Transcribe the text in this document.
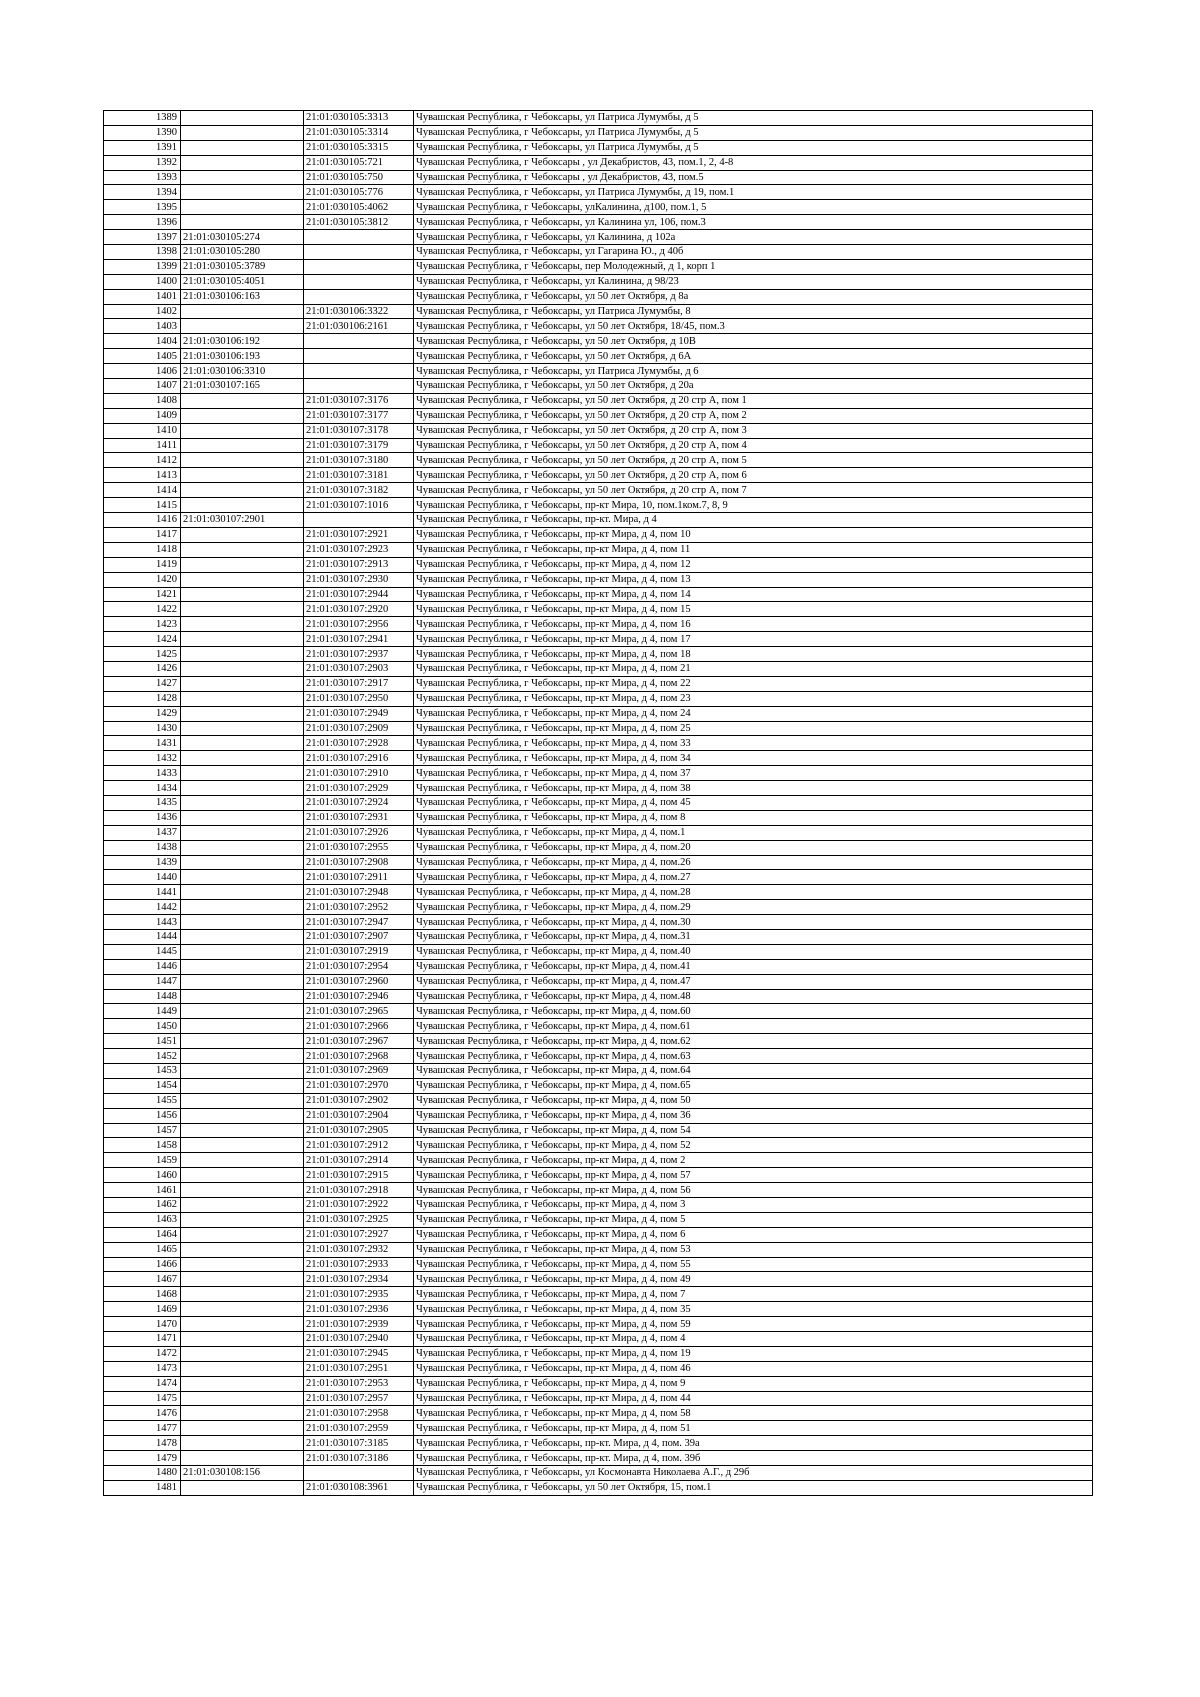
1389		21:01:030105:3313	Чувашская Республика, г Чебоксары, ул Патриса Лумумбы, д 5
1390		21:01:030105:3314	Чувашская Республика, г Чебоксары, ул Патриса Лумумбы, д 5
1391		21:01:030105:3315	Чувашская Республика, г Чебоксары, ул Патриса Лумумбы, д 5
1392		21:01:030105:721	Чувашская Республика, г Чебоксары , ул Декабристов, 43, пом.1, 2, 4-8
1393		21:01:030105:750	Чувашская Республика, г Чебоксары , ул Декабристов, 43, пом.5
1394		21:01:030105:776	Чувашская Республика, г Чебоксары, ул Патриса Лумумбы, д 19, пом.1
1395		21:01:030105:4062	Чувашская Республика, г Чебоксары, улКалинина, д100, пом.1, 5
1396		21:01:030105:3812	Чувашская Республика, г Чебоксары, ул Калинина ул, 106, пом.3
1397	21:01:030105:274		Чувашская Республика, г Чебоксары, ул Калинина, д 102а
1398	21:01:030105:280		Чувашская Республика, г Чебоксары, ул Гагарина Ю., д 40б
1399	21:01:030105:3789		Чувашская Республика, г Чебоксары, пер Молодежный, д 1, корп 1
1400	21:01:030105:4051		Чувашская Республика, г Чебоксары, ул Калинина, д 98/23
1401	21:01:030106:163		Чувашская Республика, г Чебоксары, ул 50 лет Октября, д 8а
1402		21:01:030106:3322	Чувашская Республика, г Чебоксары, ул Патриса Лумумбы, 8
1403		21:01:030106:2161	Чувашская Республика, г Чебоксары, ул 50 лет Октября, 18/45, пом.3
1404	21:01:030106:192		Чувашская Республика, г Чебоксары, ул 50 лет Октября, д 10В
1405	21:01:030106:193		Чувашская Республика, г Чебоксары, ул 50 лет Октября, д 6А
1406	21:01:030106:3310		Чувашская Республика, г Чебоксары, ул Патриса Лумумбы, д 6
1407	21:01:030107:165		Чувашская Республика, г Чебоксары, ул 50 лет Октября, д 20а
1408		21:01:030107:3176	Чувашская Республика, г Чебоксары, ул 50 лет Октября, д 20 стр А, пом 1
1409		21:01:030107:3177	Чувашская Республика, г Чебоксары, ул 50 лет Октября, д 20 стр А, пом 2
1410		21:01:030107:3178	Чувашская Республика, г Чебоксары, ул 50 лет Октября, д 20 стр А, пом 3
1411		21:01:030107:3179	Чувашская Республика, г Чебоксары, ул 50 лет Октября, д 20 стр А, пом 4
1412		21:01:030107:3180	Чувашская Республика, г Чебоксары, ул 50 лет Октября, д 20 стр А, пом 5
1413		21:01:030107:3181	Чувашская Республика, г Чебоксары, ул 50 лет Октября, д 20 стр А, пом 6
1414		21:01:030107:3182	Чувашская Республика, г Чебоксары, ул 50 лет Октября, д 20 стр А, пом 7
1415		21:01:030107:1016	Чувашская Республика, г Чебоксары, пр-кт Мира, 10, пом.1ком.7, 8, 9
1416	21:01:030107:2901		Чувашская Республика, г Чебоксары, пр-кт. Мира, д 4
1417		21:01:030107:2921	Чувашская Республика, г Чебоксары, пр-кт Мира, д 4, пом 10
1418		21:01:030107:2923	Чувашская Республика, г Чебоксары, пр-кт Мира, д 4, пом 11
1419		21:01:030107:2913	Чувашская Республика, г Чебоксары, пр-кт Мира, д 4, пом 12
1420		21:01:030107:2930	Чувашская Республика, г Чебоксары, пр-кт Мира, д 4, пом 13
1421		21:01:030107:2944	Чувашская Республика, г Чебоксары, пр-кт Мира, д 4, пом 14
1422		21:01:030107:2920	Чувашская Республика, г Чебоксары, пр-кт Мира, д 4, пом 15
1423		21:01:030107:2956	Чувашская Республика, г Чебоксары, пр-кт Мира, д 4, пом 16
1424		21:01:030107:2941	Чувашская Республика, г Чебоксары, пр-кт Мира, д 4, пом 17
1425		21:01:030107:2937	Чувашская Республика, г Чебоксары, пр-кт Мира, д 4, пом 18
1426		21:01:030107:2903	Чувашская Республика, г Чебоксары, пр-кт Мира, д 4, пом 21
1427		21:01:030107:2917	Чувашская Республика, г Чебоксары, пр-кт Мира, д 4, пом 22
1428		21:01:030107:2950	Чувашская Республика, г Чебоксары, пр-кт Мира, д 4, пом 23
1429		21:01:030107:2949	Чувашская Республика, г Чебоксары, пр-кт Мира, д 4, пом 24
1430		21:01:030107:2909	Чувашская Республика, г Чебоксары, пр-кт Мира, д 4, пом 25
1431		21:01:030107:2928	Чувашская Республика, г Чебоксары, пр-кт Мира, д 4, пом 33
1432		21:01:030107:2916	Чувашская Республика, г Чебоксары, пр-кт Мира, д 4, пом 34
1433		21:01:030107:2910	Чувашская Республика, г Чебоксары, пр-кт Мира, д 4, пом 37
1434		21:01:030107:2929	Чувашская Республика, г Чебоксары, пр-кт Мира, д 4, пом 38
1435		21:01:030107:2924	Чувашская Республика, г Чебоксары, пр-кт Мира, д 4, пом 45
1436		21:01:030107:2931	Чувашская Республика, г Чебоксары, пр-кт Мира, д 4, пом 8
1437		21:01:030107:2926	Чувашская Республика, г Чебоксары, пр-кт Мира, д 4, пом.1
1438		21:01:030107:2955	Чувашская Республика, г Чебоксары, пр-кт Мира, д 4, пом.20
1439		21:01:030107:2908	Чувашская Республика, г Чебоксары, пр-кт Мира, д 4, пом.26
1440		21:01:030107:2911	Чувашская Республика, г Чебоксары, пр-кт Мира, д 4, пом.27
1441		21:01:030107:2948	Чувашская Республика, г Чебоксары, пр-кт Мира, д 4, пом.28
1442		21:01:030107:2952	Чувашская Республика, г Чебоксары, пр-кт Мира, д 4, пом.29
1443		21:01:030107:2947	Чувашская Республика, г Чебоксары, пр-кт Мира, д 4, пом.30
1444		21:01:030107:2907	Чувашская Республика, г Чебоксары, пр-кт Мира, д 4, пом.31
1445		21:01:030107:2919	Чувашская Республика, г Чебоксары, пр-кт Мира, д 4, пом.40
1446		21:01:030107:2954	Чувашская Республика, г Чебоксары, пр-кт Мира, д 4, пом.41
1447		21:01:030107:2960	Чувашская Республика, г Чебоксары, пр-кт Мира, д 4, пом.47
1448		21:01:030107:2946	Чувашская Республика, г Чебоксары, пр-кт Мира, д 4, пом.48
1449		21:01:030107:2965	Чувашская Республика, г Чебоксары, пр-кт Мира, д 4, пом.60
1450		21:01:030107:2966	Чувашская Республика, г Чебоксары, пр-кт Мира, д 4, пом.61
1451		21:01:030107:2967	Чувашская Республика, г Чебоксары, пр-кт Мира, д 4, пом.62
1452		21:01:030107:2968	Чувашская Республика, г Чебоксары, пр-кт Мира, д 4, пом.63
1453		21:01:030107:2969	Чувашская Республика, г Чебоксары, пр-кт Мира, д 4, пом.64
1454		21:01:030107:2970	Чувашская Республика, г Чебоксары, пр-кт Мира, д 4, пом.65
1455		21:01:030107:2902	Чувашская Республика, г Чебоксары, пр-кт Мира, д 4, пом 50
1456		21:01:030107:2904	Чувашская Республика, г Чебоксары, пр-кт Мира, д 4, пом 36
1457		21:01:030107:2905	Чувашская Республика, г Чебоксары, пр-кт Мира, д 4, пом 54
1458		21:01:030107:2912	Чувашская Республика, г Чебоксары, пр-кт Мира, д 4, пом 52
1459		21:01:030107:2914	Чувашская Республика, г Чебоксары, пр-кт Мира, д 4, пом 2
1460		21:01:030107:2915	Чувашская Республика, г Чебоксары, пр-кт Мира, д 4, пом 57
1461		21:01:030107:2918	Чувашская Республика, г Чебоксары, пр-кт Мира, д 4, пом 56
1462		21:01:030107:2922	Чувашская Республика, г Чебоксары, пр-кт Мира, д 4, пом 3
1463		21:01:030107:2925	Чувашская Республика, г Чебоксары, пр-кт Мира, д 4, пом 5
1464		21:01:030107:2927	Чувашская Республика, г Чебоксары, пр-кт Мира, д 4, пом 6
1465		21:01:030107:2932	Чувашская Республика, г Чебоксары, пр-кт Мира, д 4, пом 53
1466		21:01:030107:2933	Чувашская Республика, г Чебоксары, пр-кт Мира, д 4, пом 55
1467		21:01:030107:2934	Чувашская Республика, г Чебоксары, пр-кт Мира, д 4, пом 49
1468		21:01:030107:2935	Чувашская Республика, г Чебоксары, пр-кт Мира, д 4, пом 7
1469		21:01:030107:2936	Чувашская Республика, г Чебоксары, пр-кт Мира, д 4, пом 35
1470		21:01:030107:2939	Чувашская Республика, г Чебоксары, пр-кт Мира, д 4, пом 59
1471		21:01:030107:2940	Чувашская Республика, г Чебоксары, пр-кт Мира, д 4, пом 4
1472		21:01:030107:2945	Чувашская Республика, г Чебоксары, пр-кт Мира, д 4, пом 19
1473		21:01:030107:2951	Чувашская Республика, г Чебоксары, пр-кт Мира, д 4, пом 46
1474		21:01:030107:2953	Чувашская Республика, г Чебоксары, пр-кт Мира, д 4, пом 9
1475		21:01:030107:2957	Чувашская Республика, г Чебоксары, пр-кт Мира, д 4, пом 44
1476		21:01:030107:2958	Чувашская Республика, г Чебоксары, пр-кт Мира, д 4, пом 58
1477		21:01:030107:2959	Чувашская Республика, г Чебоксары, пр-кт Мира, д 4, пом 51
1478		21:01:030107:3185	Чувашская Республика, г Чебоксары, пр-кт. Мира, д 4, пом. 39а
1479		21:01:030107:3186	Чувашская Республика, г Чебоксары, пр-кт. Мира, д 4, пом. 39б
1480	21:01:030108:156		Чувашская Республика, г Чебоксары, ул Космонавта Николаева А.Г., д 29б
1481		21:01:030108:3961	Чувашская Республика, г Чебоксары, ул 50 лет Октября, 15, пом.1
